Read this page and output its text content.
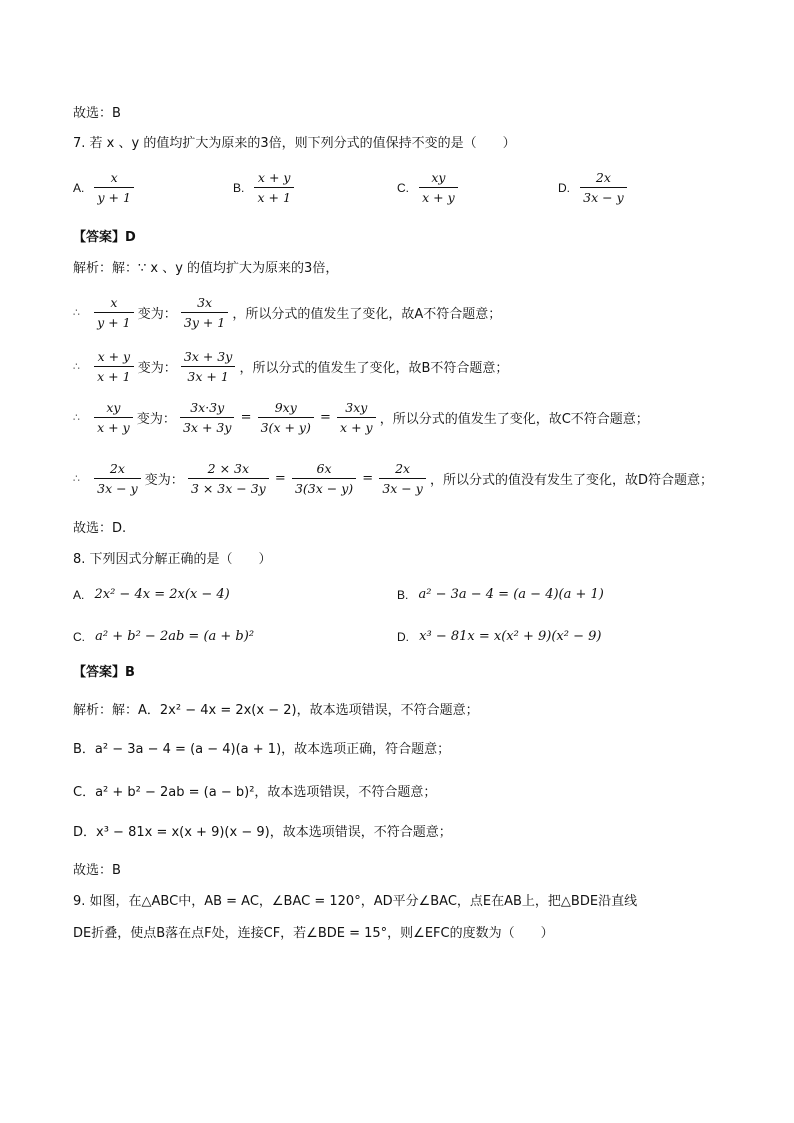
故选：B
7. 若 x 、y 的值均扩大为原来的3倍，则下列分式的值保持不变的是（　　）
A. $\frac{x}{y + 1}$	B. $\frac{x + y}{x + 1}$	C. $\frac{xy}{x + y}$	D. $\frac{2x}{3x - y}$
【答案】D
解析：解：∵ x 、y 的值均扩大为原来的3倍，
∴ $\frac{x}{y + 1}$ 变为： $\frac{3x}{3y + 1}$ ，所以分式的值发生了变化，故A不符合题意；
∴ $\frac{x + y}{x + 1}$ 变为： $\frac{3x + 3y}{3x + 1}$ ，所以分式的值发生了变化，故B不符合题意；
∴ $\frac{xy}{x + y}$ 变为： $\frac{3x\cdot 3y}{3x + 3y} = \frac{9xy}{3(x + y)} = \frac{3xy}{x + y}$ ，所以分式的值发生了变化，故C不符合题意；
∴ $\frac{2x}{3x - y}$ 变为： $\frac{2 \times 3x}{3 \times 3x - 3y} = \frac{6x}{3(3x - y)} = \frac{2x}{3x - y}$ ，所以分式的值没有发生了变化，故D符合题意；
故选：D.
8. 下列因式分解正确的是（　　）
A. 2x² − 4x = 2x(x − 4)	B. a² − 3a − 4 = (a − 4)(a + 1)
C. a² + b² − 2ab = (a + b)²	D. x³ − 81x = x(x² + 9)(x² − 9)
【答案】B
解析：解：A．2x² − 4x = 2x(x − 2)，故本选项错误，不符合题意；
B．a² − 3a − 4 = (a − 4)(a + 1)，故本选项正确，符合题意；
C．a² + b² − 2ab = (a − b)²，故本选项错误，不符合题意；
D．x³ − 81x = x(x + 9)(x − 9)，故本选项错误，不符合题意；
故选：B
9. 如图，在△ABC中，AB = AC，∠BAC = 120°，AD平分∠BAC，点E在AB上，把△BDE沿直线
DE折叠，使点B落在点F处，连接CF，若∠BDE = 15°，则∠EFC的度数为（　　）
